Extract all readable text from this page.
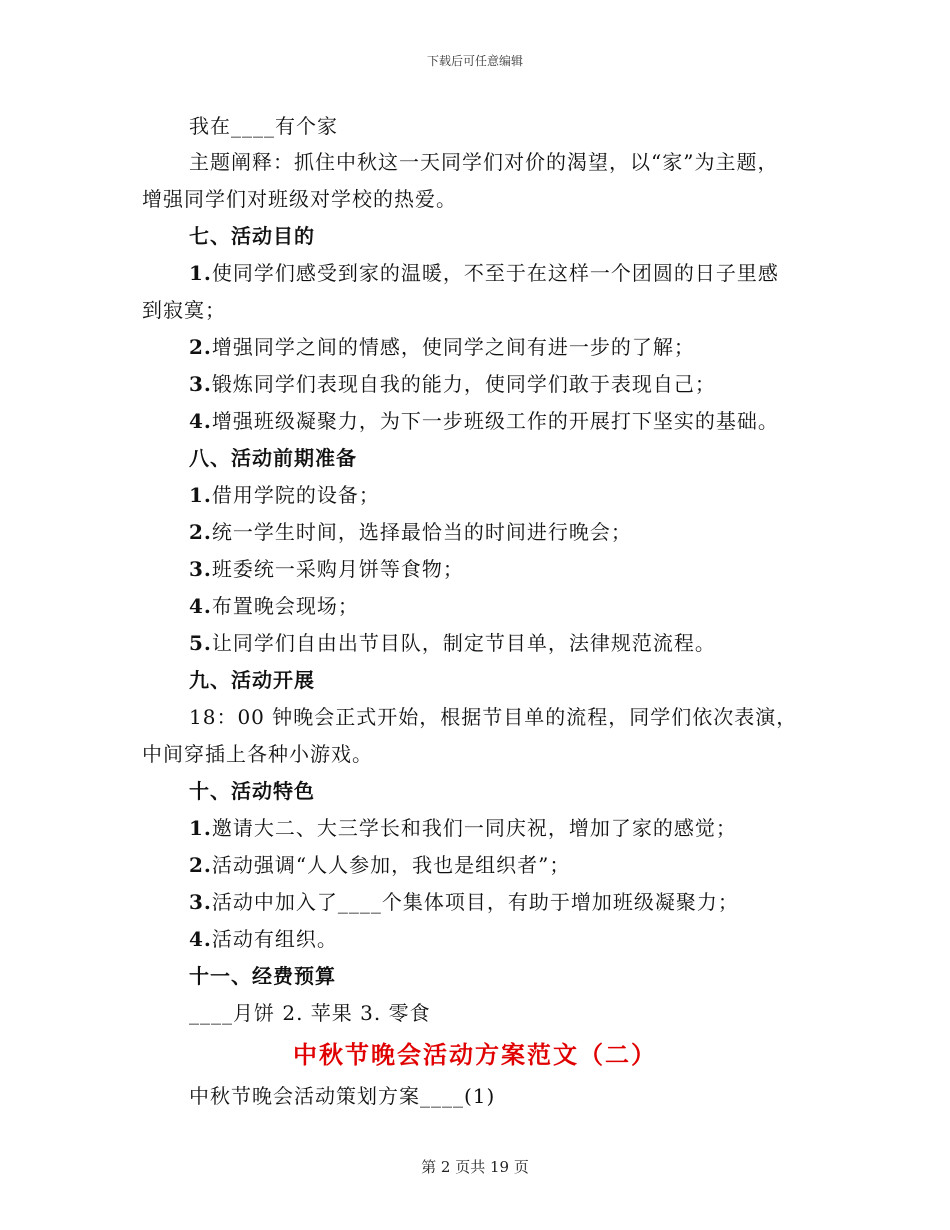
下载后可任意编辑
我在____有个家
主题阐释：抓住中秋这一天同学们对价的渴望，以“家”为主题，
增强同学们对班级对学校的热爱。
七、活动目的
1.使同学们感受到家的温暖，不至于在这样一个团圆的日子里感
到寂寞；
2.增强同学之间的情感，使同学之间有进一步的了解；
3.锻炼同学们表现自我的能力，使同学们敢于表现自己；
4.增强班级凝聚力，为下一步班级工作的开展打下坚实的基础。
八、活动前期准备
1.借用学院的设备；
2.统一学生时间，选择最恰当的时间进行晚会；
3.班委统一采购月饼等食物；
4.布置晚会现场；
5.让同学们自由出节目队，制定节目单，法律规范流程。
九、活动开展
18：00 钟晚会正式开始，根据节目单的流程，同学们依次表演，
中间穿插上各种小游戏。
十、活动特色
1.邀请大二、大三学长和我们一同庆祝，增加了家的感觉；
2.活动强调“人人参加，我也是组织者”；
3.活动中加入了____个集体项目，有助于增加班级凝聚力；
4.活动有组织。
十一、经费预算
____月饼 2. 苹果 3. 零食
中秋节晚会活动方案范文（二）
中秋节晚会活动策划方案____(1)
第 2 页共 19 页
